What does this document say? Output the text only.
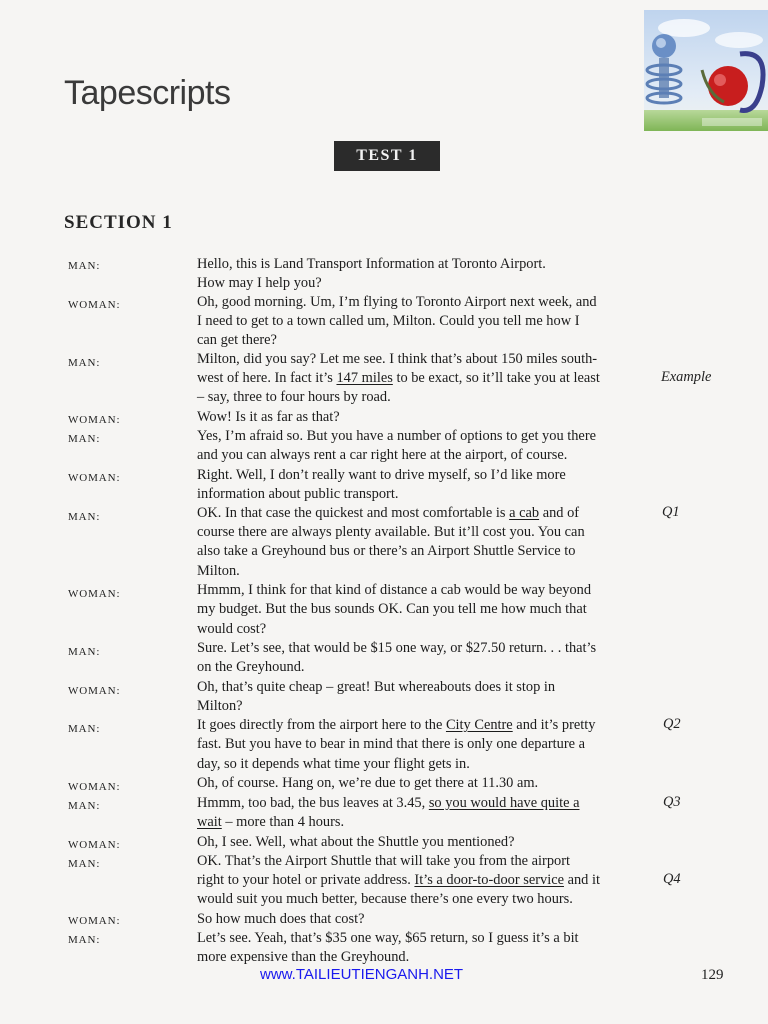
Tapescripts
TEST 1
SECTION 1
MAN:
WOMAN:
MAN:
WOMAN:
MAN:
WOMAN:
MAN:
WOMAN:
MAN:
WOMAN:
MAN:
WOMAN:
MAN:
WOMAN:
MAN:
WOMAN:
MAN:
Hello, this is Land Transport Information at Toronto Airport.
How may I help you?
Oh, good morning. Um, I’m flying to Toronto Airport next week, and
I need to get to a town called um, Milton. Could you tell me how I
can get there?
Milton, did you say? Let me see. I think that’s about 150 miles south-
west of here. In fact it’s 147 miles to be exact, so it’ll take you at least
– say, three to four hours by road.
Wow! Is it as far as that?
Yes, I’m afraid so. But you have a number of options to get you there
and you can always rent a car right here at the airport, of course.
Right. Well, I don’t really want to drive myself, so I’d like more
information about public transport.
OK. In that case the quickest and most comfortable is a cab and of
course there are always plenty available. But it’ll cost you. You can
also take a Greyhound bus or there’s an Airport Shuttle Service to
Milton.
Hmmm, I think for that kind of distance a cab would be way beyond
my budget. But the bus sounds OK. Can you tell me how much that
would cost?
Sure. Let’s see, that would be $15 one way, or $27.50 return. . . that’s
on the Greyhound.
Oh, that’s quite cheap – great! But whereabouts does it stop in
Milton?
It goes directly from the airport here to the City Centre and it’s pretty
fast. But you have to bear in mind that there is only one departure a
day, so it depends what time your flight gets in.
Oh, of course. Hang on, we’re due to get there at 11.30 am.
Hmmm, too bad, the bus leaves at 3.45, so you would have quite a
wait – more than 4 hours.
Oh, I see. Well, what about the Shuttle you mentioned?
OK. That’s the Airport Shuttle that will take you from the airport
right to your hotel or private address. It’s a door-to-door service and it
would suit you much better, because there’s one every two hours.
So how much does that cost?
Let’s see. Yeah, that’s $35 one way, $65 return, so I guess it’s a bit
more expensive than the Greyhound.
Example
Q1
Q2
Q3
Q4
www.TAILIEUTIENGANH.NET	129
